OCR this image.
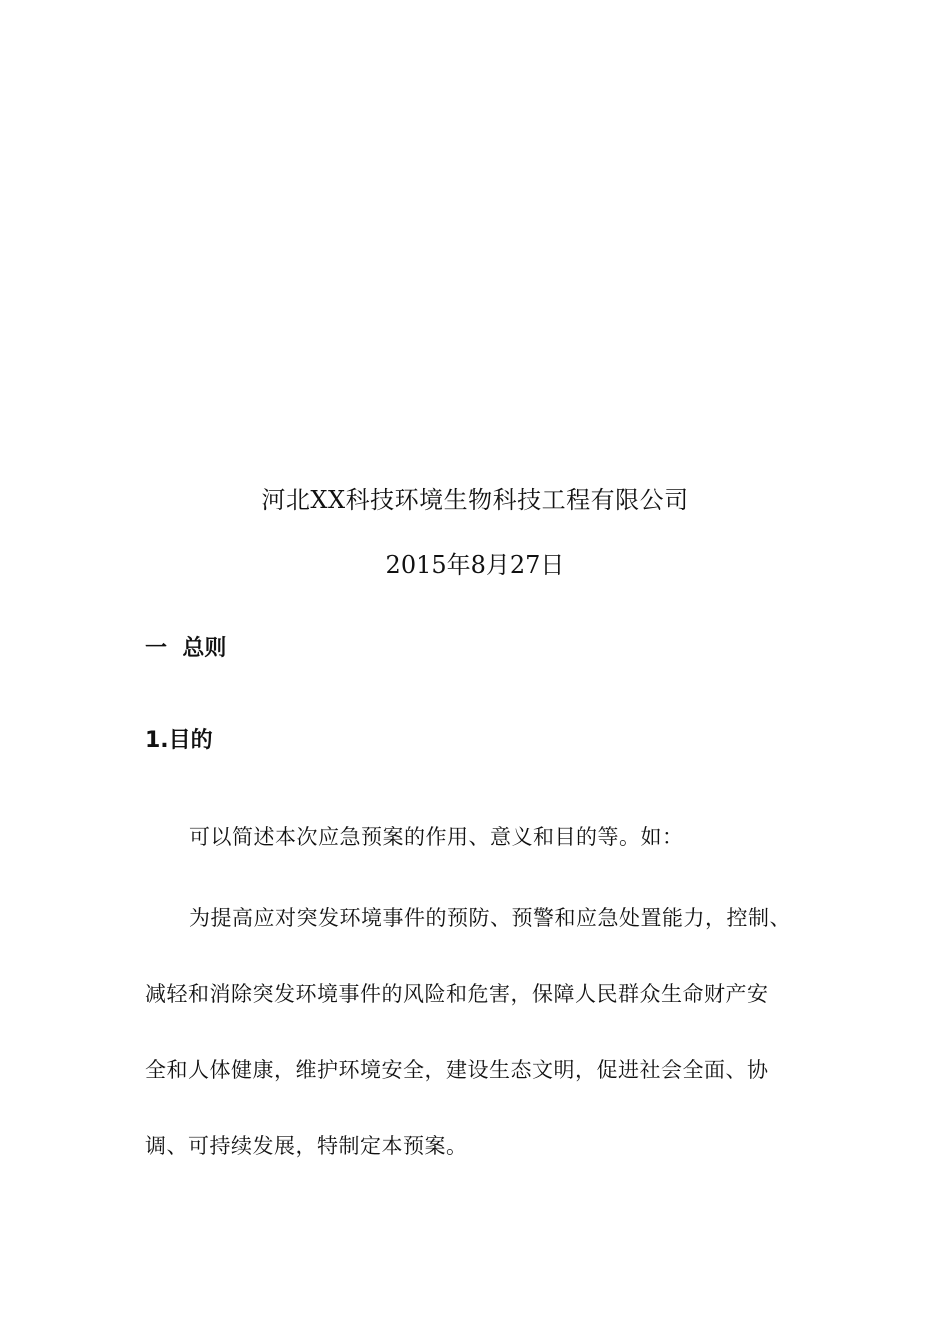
河北XX科技环境生物科技工程有限公司
2015年8月27日
一  总则
1.目的
可以简述本次应急预案的作用、意义和目的等。如：
为提高应对突发环境事件的预防、预警和应急处置能力，控制、
减轻和消除突发环境事件的风险和危害，保障人民群众生命财产安
全和人体健康，维护环境安全，建设生态文明，促进社会全面、协
调、可持续发展，特制定本预案。
